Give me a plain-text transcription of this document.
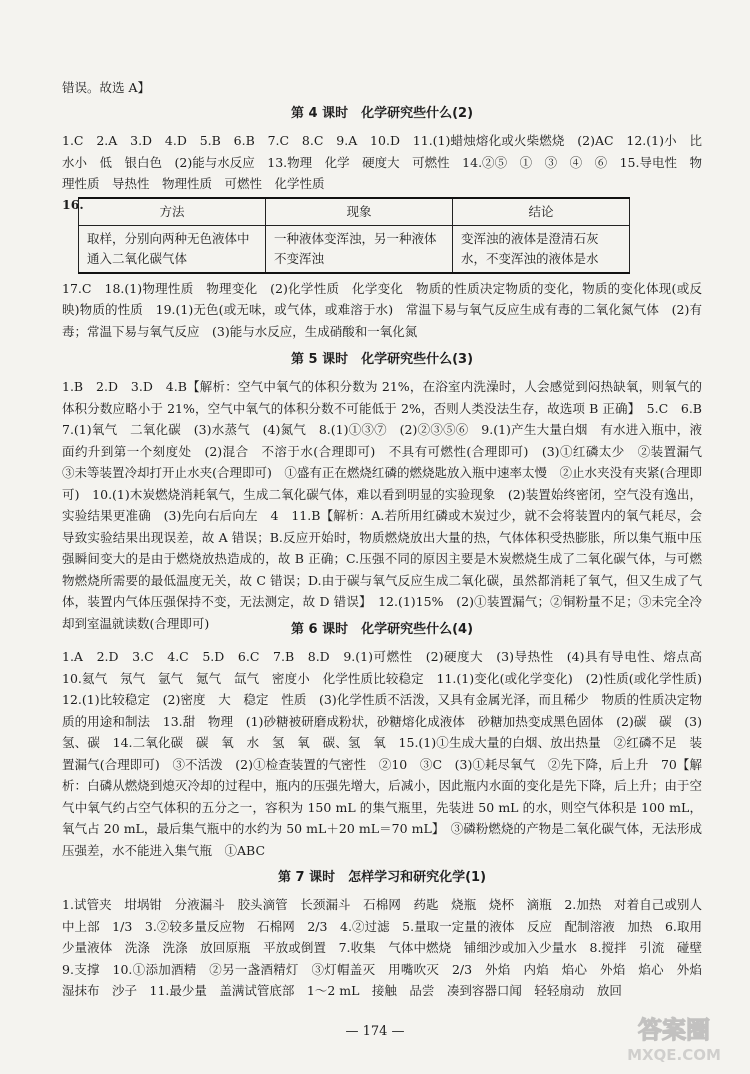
错误。故选 A】
第 4 课时　化学研究些什么(2)

1.C　2.A　3.D　4.D　5.B　6.B　7.C　8.C　9.A　10.D　11.(1)蜡烛熔化或火柴燃烧　(2)AC　12.(1)小　比水小　低　银白色　(2)能与水反应　13.物理　化学　硬度大　可燃性　14.②⑤　①　③　④　⑥　15.导电性　物理性质　导热性　物理性质　可燃性　化学性质

16.	方法	现象	结论
取样，分别向两种无色液体中通入二氧化碳气体	一种液体变浑浊，另一种液体不变浑浊	变浑浊的液体是澄清石灰水，不变浑浊的液体是水

17.C　18.(1)物理性质　物理变化　(2)化学性质　化学变化　物质的性质决定物质的变化，物质的变化体现(或反映)物质的性质　19.(1)无色(或无味，或气体，或难溶于水)　常温下易与氧气反应生成有毒的二氧化氮气体　(2)有毒；常温下易与氧气反应　(3)能与水反应，生成硝酸和一氧化氮

第 5 课时　化学研究些什么(3)

1.B　2.D　3.D　4.B【解析：空气中氧气的体积分数为 21%，在浴室内洗澡时，人会感觉到闷热缺氧，则氧气的体积分数应略小于 21%，空气中氧气的体积分数不可能低于 2%，否则人类没法生存，故选项 B 正确】　5.C　6.B　7.(1)氧气　二氧化碳　(3)水蒸气　(4)氮气　8.(1)①③⑦　(2)②③⑤⑥　9.(1)产生大量白烟　有水进入瓶中，液面约升到第一个刻度处　(2)混合　不溶于水(合理即可)　不具有可燃性(合理即可)　(3)①红磷太少　②装置漏气　③未等装置冷却打开止水夹(合理即可)　①盛有正在燃烧红磷的燃烧匙放入瓶中速率太慢　②止水夹没有夹紧(合理即可)　10.(1)木炭燃烧消耗氧气，生成二氧化碳气体，难以看到明显的实验现象　(2)装置始终密闭，空气没有逸出，实验结果更准确　(3)先向右后向左　4　11.B【解析：A.若所用红磷或木炭过少，就不会将装置内的氧气耗尽，会导致实验结果出现误差，故 A 错误；B.反应开始时，物质燃烧放出大量的热，气体体积受热膨胀，所以集气瓶中压强瞬间变大的是由于燃烧放热造成的，故 B 正确；C.压强不同的原因主要是木炭燃烧生成了二氧化碳气体，与可燃物燃烧所需要的最低温度无关，故 C 错误；D.由于碳与氧气反应生成二氧化碳，虽然都消耗了氧气，但又生成了气体，装置内气体压强保持不变，无法测定，故 D 错误】　12.(1)15%　(2)①装置漏气；②铜粉量不足；③未完全冷却到室温就读数(合理即可)	第 6 课时　化学研究些什么(4)

1.A　2.D　3.C　4.C　5.D　6.C　7.B　8.D　9.(1)可燃性　(2)硬度大　(3)导热性　(4)具有导电性、熔点高　10.氦气　氖气　氩气　氪气　氙气　密度小　化学性质比较稳定　11.(1)变化(或化学变化)　(2)性质(或化学性质)　12.(1)比较稳定　(2)密度　大　稳定　性质　(3)化学性质不活泼，又具有金属光泽，而且稀少　物质的性质决定物质的用途和制法　13.甜　物理　(1)砂糖被研磨成粉状，砂糖熔化成液体　砂糖加热变成黑色固体　(2)碳　碳　(3)氢、碳　14.二氧化碳　碳　氧　水　氢　氧　碳、氢　氧　15.(1)①生成大量的白烟、放出热量　②红磷不足　装置漏气(合理即可)　③不活泼　(2)①检查装置的气密性　②10　③C　(3)①耗尽氧气　②先下降，后上升　70【解析：白磷从燃烧到熄灭冷却的过程中，瓶内的压强先增大，后减小，因此瓶内水面的变化是先下降，后上升；由于空气中氧气约占空气体积的五分之一，容积为 150 mL 的集气瓶里，先装进 50 mL 的水，则空气体积是 100 mL，氧气占 20 mL，最后集气瓶中的水约为 50 mL＋20 mL＝70 mL】　③磷粉燃烧的产物是二氧化碳气体，无法形成压强差，水不能进入集气瓶　①ABC

第 7 课时　怎样学习和研究化学(1)

1.试管夹　坩埚钳　分液漏斗　胶头滴管　长颈漏斗　石棉网　药匙　烧瓶　烧杯　滴瓶　2.加热　对着自己或别人　中上部　1/3　3.②较多量反应物　石棉网　2/3　4.②过滤　5.量取一定量的液体　反应　配制溶液　加热　6.取用少量液体　洗涤　洗涤　放回原瓶　平放或倒置　7.收集　气体中燃烧　铺细沙或加入少量水　8.搅拌　引流　碰壁　9.支撑　10.①添加酒精　②另一盏酒精灯　③灯帽盖灭　用嘴吹灭　2/3　外焰　内焰　焰心　外焰　焰心　外焰　湿抹布　沙子　11.最少量　盖满试管底部　1～2 mL　接触　品尝　凑到容器口闻　轻轻扇动　放回

— 174 —	答案圈
MXQE.COM
